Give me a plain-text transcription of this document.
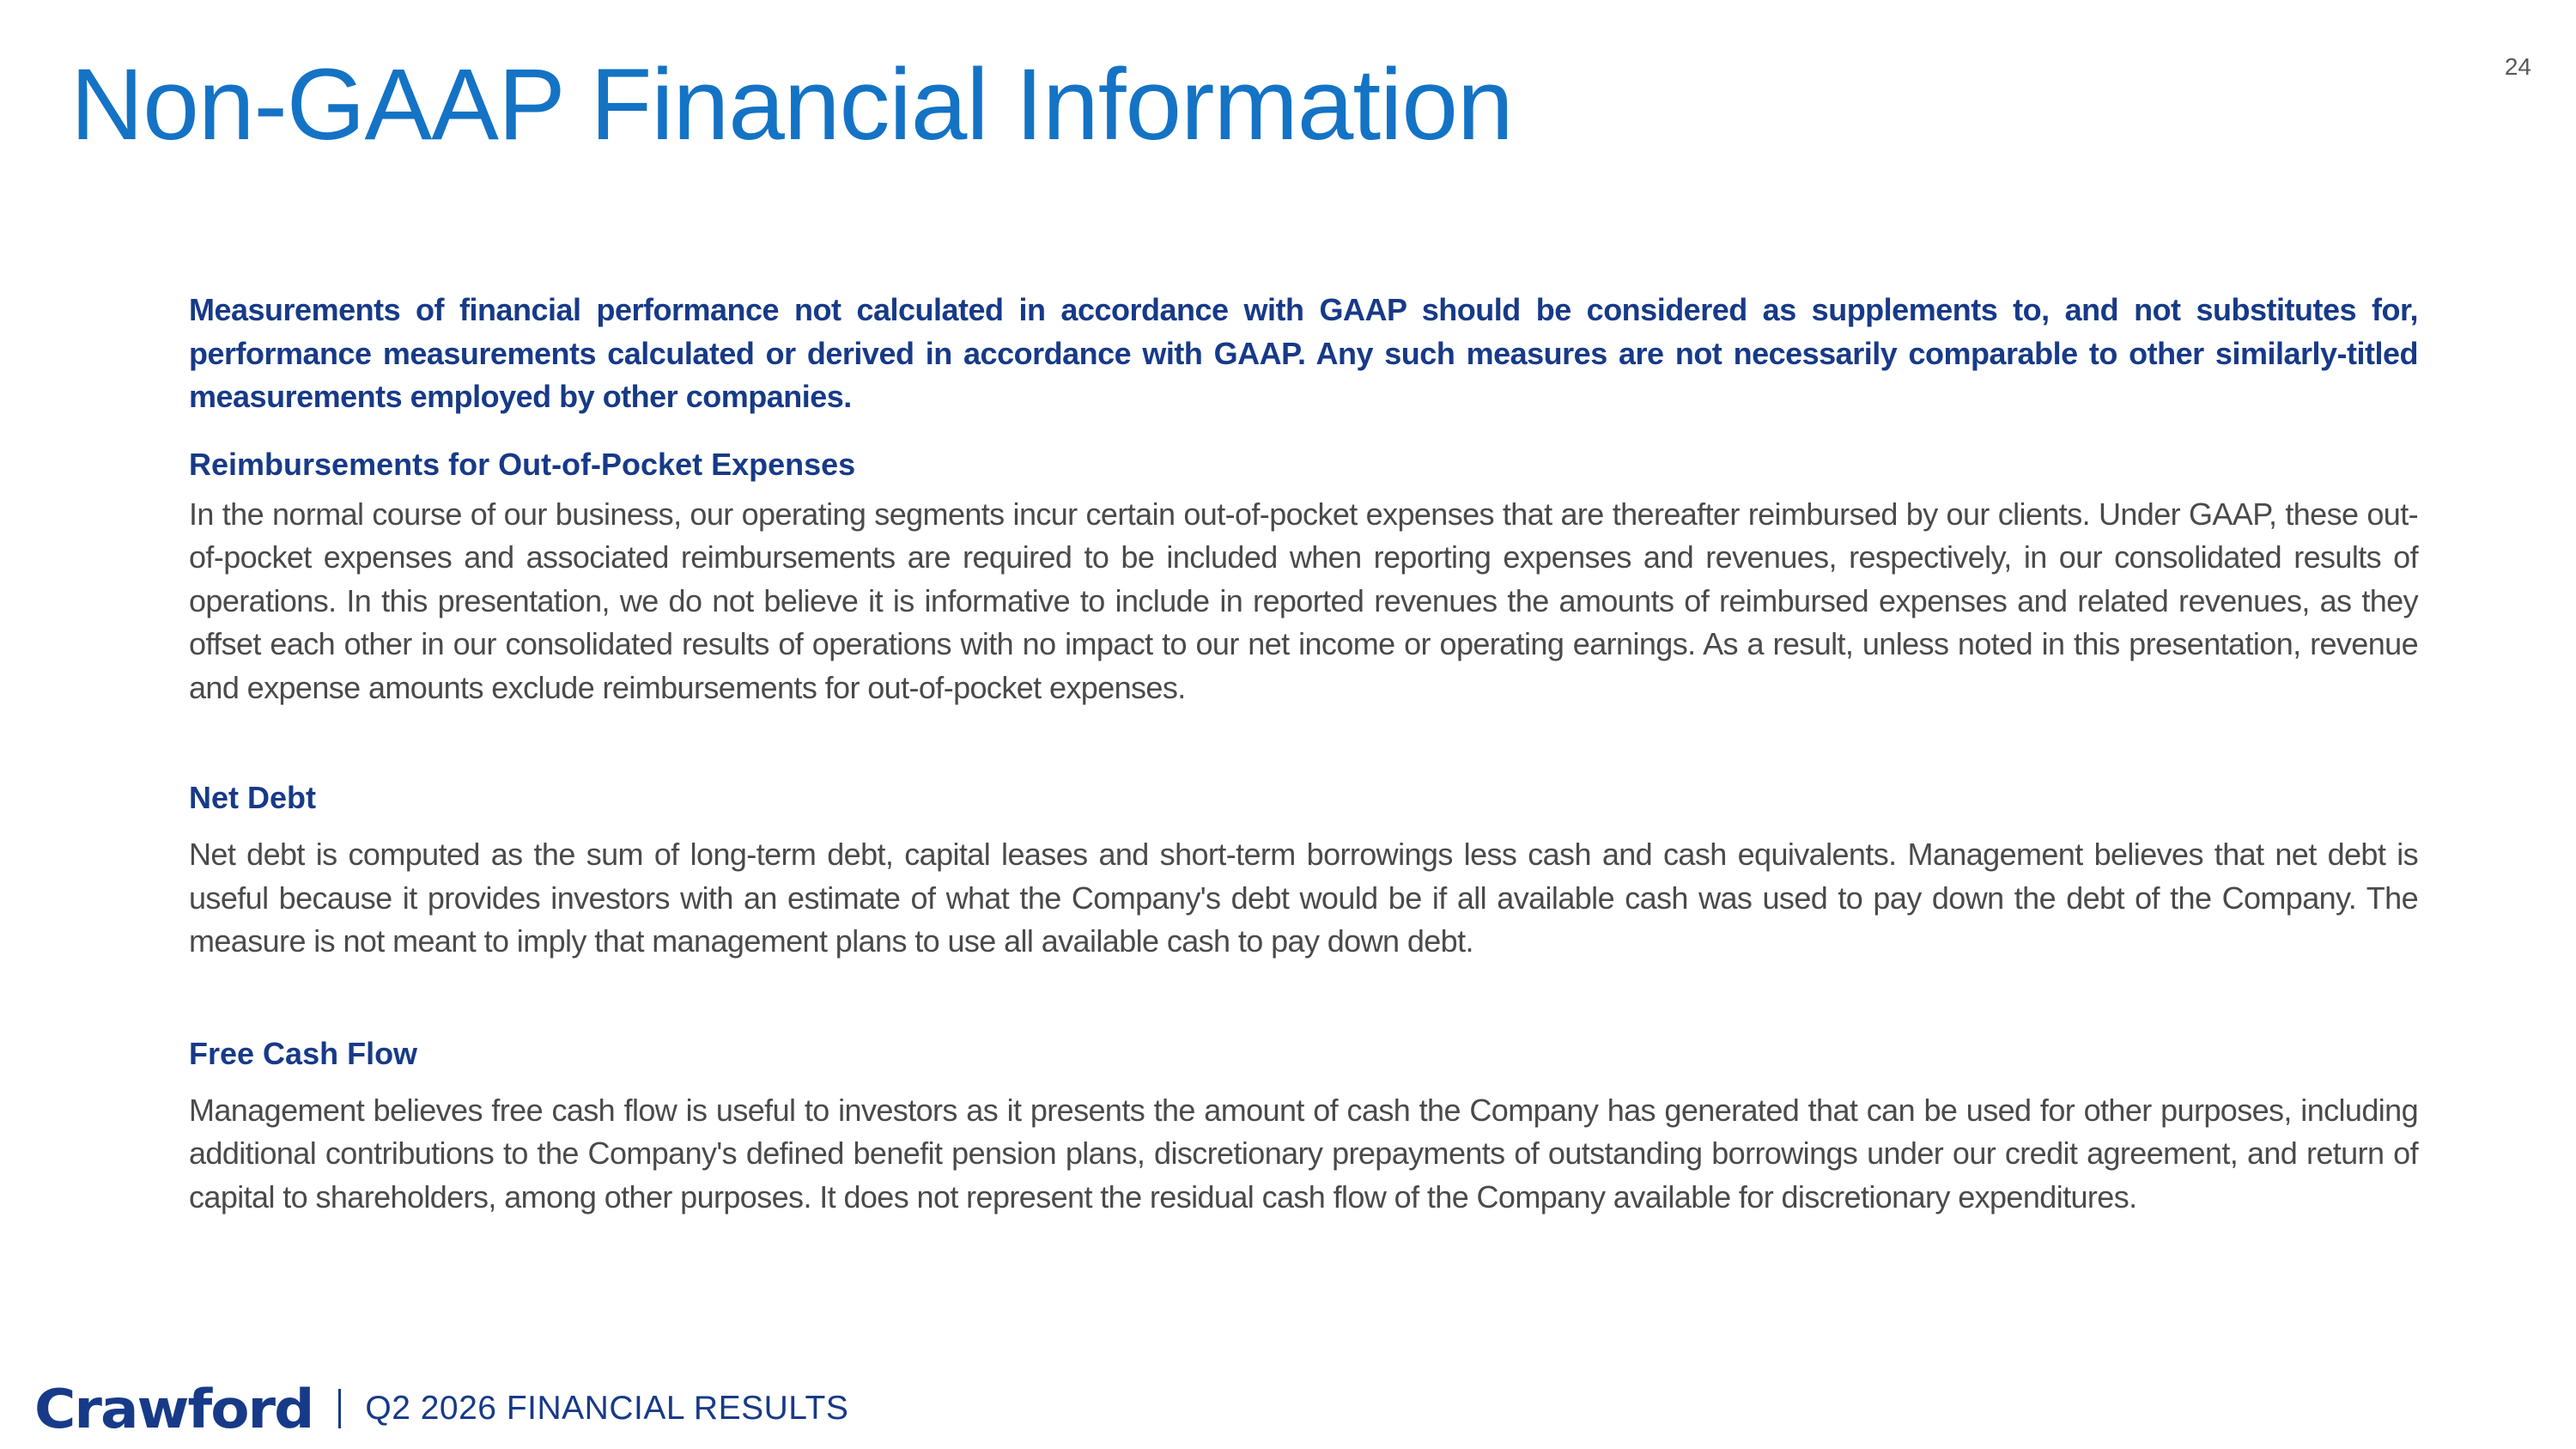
24
Non-GAAP Financial Information

Measurements of financial performance not calculated in accordance with GAAP should be considered as supplements to, and not substitutes for, performance measurements calculated or derived in accordance with GAAP. Any such measures are not necessarily comparable to other similarly-titled measurements employed by other companies.

Reimbursements for Out-of-Pocket Expenses

In the normal course of our business, our operating segments incur certain out-of-pocket expenses that are thereafter reimbursed by our clients. Under GAAP, these out-of-pocket expenses and associated reimbursements are required to be included when reporting expenses and revenues, respectively, in our consolidated results of operations. In this presentation, we do not believe it is informative to include in reported revenues the amounts of reimbursed expenses and related revenues, as they offset each other in our consolidated results of operations with no impact to our net income or operating earnings. As a result, unless noted in this presentation, revenue and expense amounts exclude reimbursements for out-of-pocket expenses.

Net Debt

Net debt is computed as the sum of long-term debt, capital leases and short-term borrowings less cash and cash equivalents. Management believes that net debt is useful because it provides investors with an estimate of what the Company's debt would be if all available cash was used to pay down the debt of the Company. The measure is not meant to imply that management plans to use all available cash to pay down debt.

Free Cash Flow

Management believes free cash flow is useful to investors as it presents the amount of cash the Company has generated that can be used for other purposes, including additional contributions to the Company's defined benefit pension plans, discretionary prepayments of outstanding borrowings under our credit agreement, and return of capital to shareholders, among other purposes. It does not represent the residual cash flow of the Company available for discretionary expenditures.

Crawford Q2 2026 FINANCIAL RESULTS
